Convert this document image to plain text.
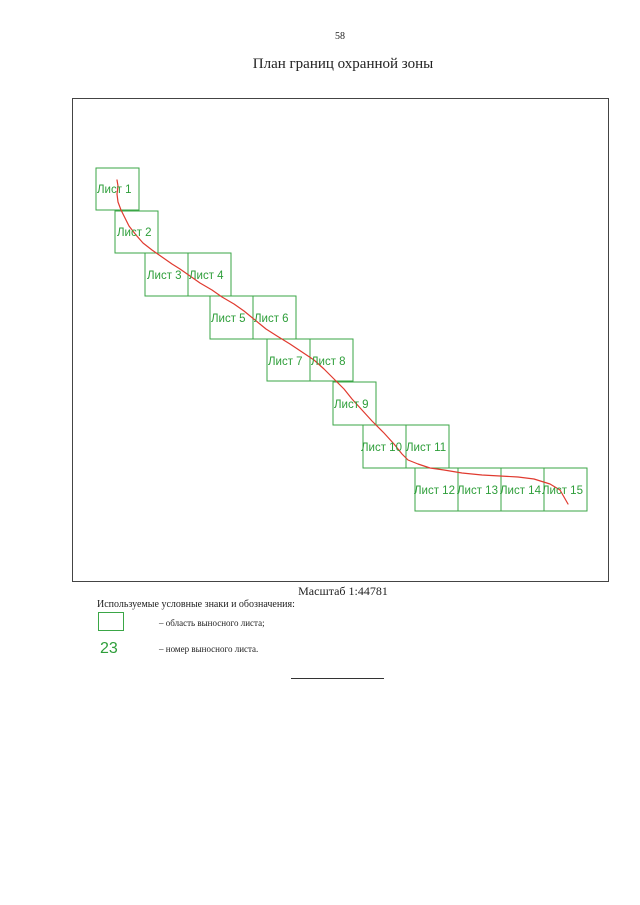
58
План границ охранной зоны
Лист 1
Лист 2
Лист 3 Лист 4
Лист 5 Лист 6
Лист 7 Лист 8
Лист 9
Лист 10 Лист 11
Лист 12 Лист 13 Лист 14 Лист 15
Масштаб 1:44781
Используемые условные знаки и обозначения:
– область выносного листа;
23	– номер выносного листа.
